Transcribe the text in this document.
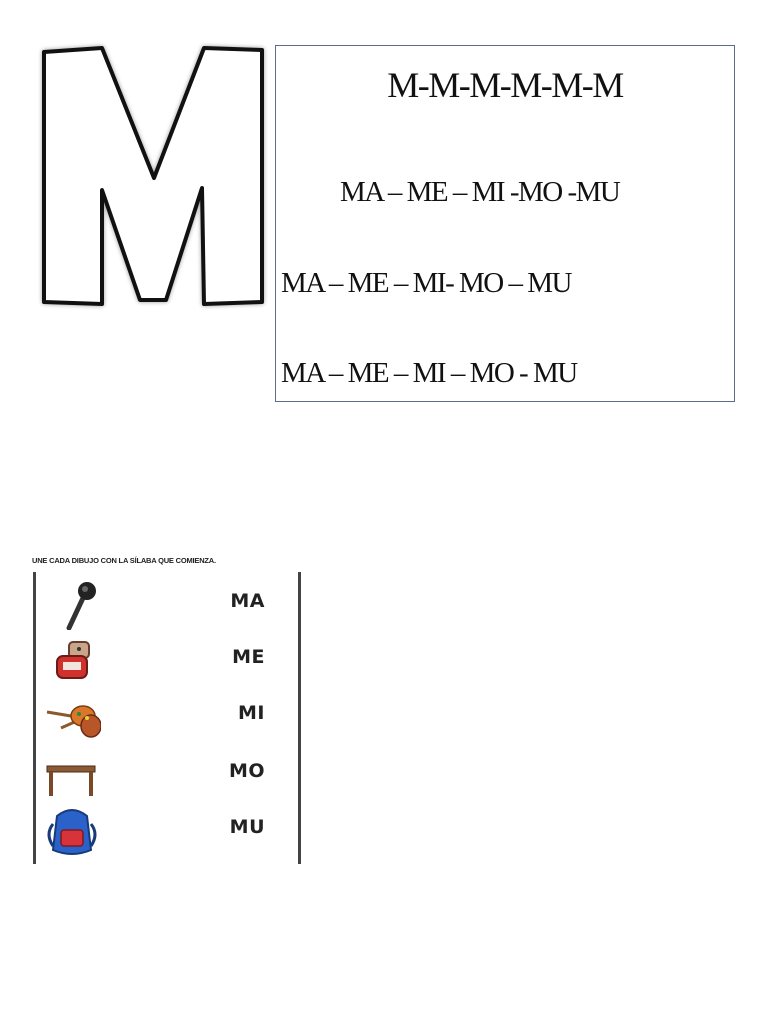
M-M-M-M-M-M
MA – ME – MI -MO -MU
MA – ME – MI- MO – MU
MA – ME – MI – MO - MU
UNE CADA DIBUJO CON LA SÍLABA QUE COMIENZA.
MA
ME
MI
MO
MU
